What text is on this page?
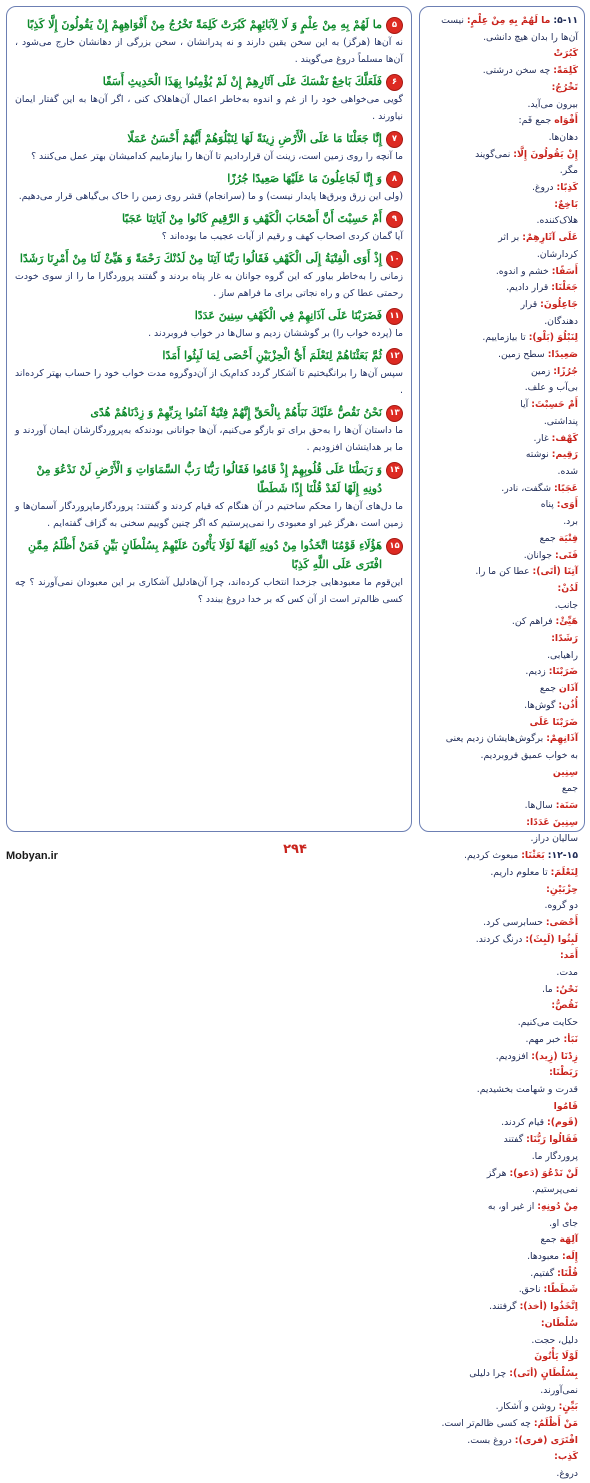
۵
ما لَهُمْ بِهِ مِنْ عِلْمٍ وَ لَا لِآبَائِهِمْ كَبُرَتْ كَلِمَةً تَخْرُجُ مِنْ أَفْوَاهِهِمْ إِنْ يَقُولُونَ إِلَّا كَذِبًا
نه آن‌ها (هرگز) به این سخن یقین دارند و نه پدرانشان ، سخن بزرگی از دهانشان خارج می‌شود ، آن‌ها مسلماً دروغ می‌گویند .
۶
فَلَعَلَّكَ بَاخِعٌ نَفْسَكَ عَلَى آثَارِهِمْ إِنْ لَمْ يُؤْمِنُوا بِهَذَا الْحَدِيثِ أَسَفًا
گویی می‌خواهی خود را از غم و اندوه به‌خاطر اعمال آن‌هاهلاک کنی ، اگر آن‌ها به این گفتار ایمان نیاورند .
۷
إِنَّا جَعَلْنَا مَا عَلَى الْأَرْضِ زِينَةً لَهَا لِنَبْلُوَهُمْ أَيُّهُمْ أَحْسَنُ عَمَلًا
ما آنچه را روی زمین است، زینت آن قراردادیم تا آن‌ها را بیازماییم کدامیشان بهتر عمل می‌کنند ؟
۸
وَ إِنَّا لَجَاعِلُونَ مَا عَلَيْهَا صَعِيدًا جُرُزًا
(ولی این زرق وبرق‌ها پایدار نیست) و ما (سرانجام) قشر روی زمین را خاک بی‌گیاهی قرار می‌دهیم.
۹
أَمْ حَسِبْتَ أَنَّ أَصْحَابَ الْكَهْفِ وَ الرَّقِيمِ كَانُوا مِنْ آيَاتِنَا عَجَبًا
آیا گمان کردی اصحاب کهف و رقیم از آیات عجیب ما بوده‌اند ؟
۱۰
إِذْ أَوَى الْفِتْيَةُ إِلَى الْكَهْفِ فَقَالُوا رَبَّنَا آتِنَا مِنْ لَدُنْكَ رَحْمَةً وَ هَيِّئْ لَنَا مِنْ أَمْرِنَا رَشَدًا
زمانی را به‌خاطر بیاور که این گروه جوانان به غار پناه بردند و گفتند پروردگارا ما را از سوی خودت رحمتی عطا کن و راه نجاتی برای ما فراهم ساز .
۱۱
فَضَرَبْنَا عَلَى آذَانِهِمْ فِي الْكَهْفِ سِنِينَ عَدَدًا
ما (پرده خواب را) بر گوششان زدیم و سال‌ها در خواب فروبردند .
۱۲
ثُمَّ بَعَثْنَاهُمْ لِنَعْلَمَ أَيُّ الْحِزْبَيْنِ أَحْصَى لِمَا لَبِثُوا أَمَدًا
سپس آن‌ها را برانگیختیم تا آشکار گردد کدام‌یک از آن‌دو‌گروه مدت خواب خود را حساب بهتر کرده‌اند .
۱۳
نَحْنُ نَقُصُّ عَلَيْكَ نَبَأَهُمْ بِالْحَقِّ إِنَّهُمْ فِتْيَةٌ آمَنُوا بِرَبِّهِمْ وَ زِدْنَاهُمْ هُدًى
ما داستان آن‌ها را به‌حق برای تو بازگو می‌کنیم، آن‌ها جوانانی بودندکه به‌پروردگارشان ایمان آوردند و ما بر هدایتشان افزودیم .
۱۴
وَ رَبَطْنَا عَلَى قُلُوبِهِمْ إِذْ قَامُوا فَقَالُوا رَبُّنَا رَبُّ السَّمَاوَاتِ وَ الْأَرْضِ لَنْ نَدْعُوَ مِنْ دُونِهِ إِلَهًا لَقَدْ قُلْنَا إِذًا شَطَطًا
ما دل‌های آن‌ها را محکم ساختیم در آن هنگام که قیام کردند و گفتند: پروردگارماپروردگار آسمان‌ها و زمین است ،هرگز غیر او معبودی را نمی‌پرستیم که اگر چنین گوییم سخنی به گزاف گفته‌ایم .
۱۵
هَؤُلَاءِ قَوْمُنَا اتَّخَذُوا مِنْ دُونِهِ آلِهَةً لَوْلَا يَأْتُونَ عَلَيْهِمْ بِسُلْطَانٍ بَيِّنٍ فَمَنْ أَظْلَمُ مِمَّنِ افْتَرَى عَلَى اللَّهِ كَذِبًا
این‌قوم ما معبودهایی جزخدا انتخاب کرده‌اند، چرا آن‌هادلیل آشکاری بر این معبودان نمی‌آورند ؟ چه کسی ظالم‌تر است از آن کس که بر خدا دروغ ببندد ؟
۵-۱۱: ما لَهُمْ بِهِ مِنْ عِلْمٍ: نیست
آن‌ها را بدان هیچ دانشی.
كَبُرَتْ
كَلِمَةً: چه سخن درشتی.
تَخْرُجُ:
بیرون می‌آید.
أَفْوَاه جمع فَم:
دهان‌ها.
إِنْ يَقُولُونَ إِلَّا: نمی‌گویند
مگر.
كَذِبًا: دروغ.
بَاخِعٌ:
هلاک‌کننده.
عَلَى آثَارِهِمْ: بر اثر
کردارشان.
أَسَفًا: خشم و اندوه.
جَعَلْنَا: قرار دادیم.
جَاعِلُونَ: قرار
دهندگان.
لِنَبْلُوَ (بَلْو): تا بیازماییم.
صَعِيدًا: سطح زمین.
جُرُزًا: زمین
بی‌آب و علف.
أَمْ حَسِبْتَ: آیا
پنداشتی.
كَهْف: غار.
رَقِيم: نوشته
شده.
عَجَبًا: شگفت، نادر.
أَوَى: پناه
برد.
فِتْيَة جمع
فَتَى: جوانان.
آتِنَا (أتَى): عطا کن ما را.
لَدُنْ:
جانب.
هَيِّئْ: فراهم کن.
رَشَدًا:
راهیابی.
ضَرَبْنَا: زدیم.
آذَان جمع
أُذُن: گوش‌ها.
ضَرَبْنَا عَلَى
آذَانِهِمْ: برگوش‌هایشان زدیم یعنی
به خواب عمیق فروبردیم.
سِنِين
جمع
سَنَة: سال‌ها.
سِنِينَ عَدَدًا:
سالیان دراز.
۱۲-۱۵: بَعَثْنَا: مبعوث کردیم.
لِنَعْلَمَ: تا معلوم داریم.
حِزْبَيْنِ:
دو گروه.
أَحْصَى: حسابرسی کرد.
لَبِثُوا (لَبِثَ): درنگ کردند.
أَمَد:
مدت.
نَحْنُ: ما.
نَقُصُّ:
حکایت می‌کنیم.
نَبَأ: خبر مهم.
زِدْنَا (زِيد): افزودیم.
رَبَطْنَا:
قدرت و شهامت بخشیدیم.
قَامُوا
(قَوم): قیام کردند.
فَقَالُوا رَبُّنَا: گفتند
پروردگار ما.
لَنْ نَدْعُوَ (دَعو): هرگز
نمی‌پرستیم.
مِنْ دُونِهِ: از غیر او، به
جای او.
آلِهَة جمع
إِلَه: معبودها.
قُلْنَا: گفتیم.
شَطَطًا: ناحق.
اِتَّخَذُوا (أخذ): گرفتند.
سُلْطَان:
دلیل، حجت.
لَوْلَا يَأْتُونَ
بِسُلْطَانٍ (أتَى): چرا دلیلی
نمی‌آورند.
بَيِّنٍ: روشن و آشکار.
مَنْ أَظْلَمُ: چه کسی ظالم‌تر است.
افْتَرَى (فرى): دروغ بست.
كَذِب:
دروغ.
۲۹۴
Mobyan.ir
